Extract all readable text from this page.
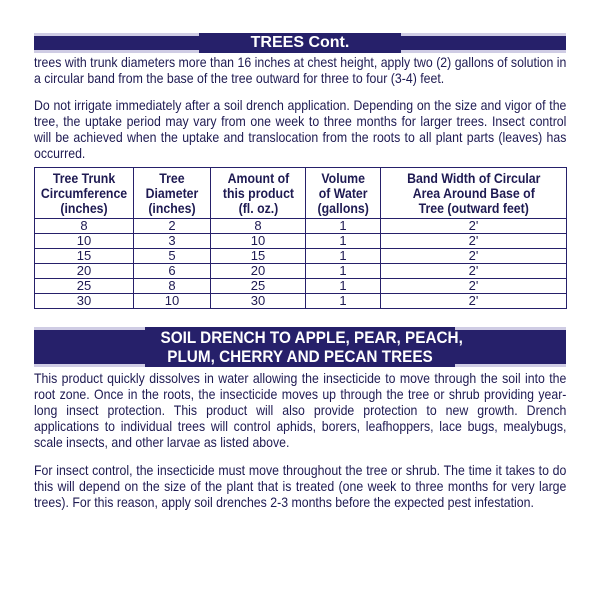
TREES Cont.

trees with trunk diameters more than 16 inches at chest height, apply two (2) gallons of solution in a circular band from the base of the tree outward for three to four (3-4) feet.

Do not irrigate immediately after a soil drench application. Depending on the size and vigor of the tree, the uptake period may vary from one week to three months for larger trees. Insect control will be achieved when the uptake and translocation from the roots to all plant parts (leaves) has occurred.

Tree Trunk
Circumference
(inches)	Tree
Diameter
(inches)	Amount of
this product
(fl. oz.)	Volume
of Water
(gallons)	Band Width of Circular
Area Around Base of
Tree (outward feet)
8	2	8	1	2'
10	3	10	1	2'
15	5	15	1	2'
20	6	20	1	2'
25	8	25	1	2'
30	10	30	1	2'
SOIL DRENCH TO APPLE, PEAR, PEACH,
PLUM, CHERRY AND PECAN TREES

This product quickly dissolves in water allowing the insecticide to move through the soil into the root zone. Once in the roots, the insecticide moves up through the tree or shrub providing year-long insect protection. This product will also provide protection to new growth. Drench applications to individual trees will control aphids, borers, leafhoppers, lace bugs, mealybugs, scale insects, and other larvae as listed above.

For insect control, the insecticide must move throughout the tree or shrub. The time it takes to do this will depend on the size of the plant that is treated (one week to three months for very large trees). For this reason, apply soil drenches 2-3 months before the expected pest infestation.
